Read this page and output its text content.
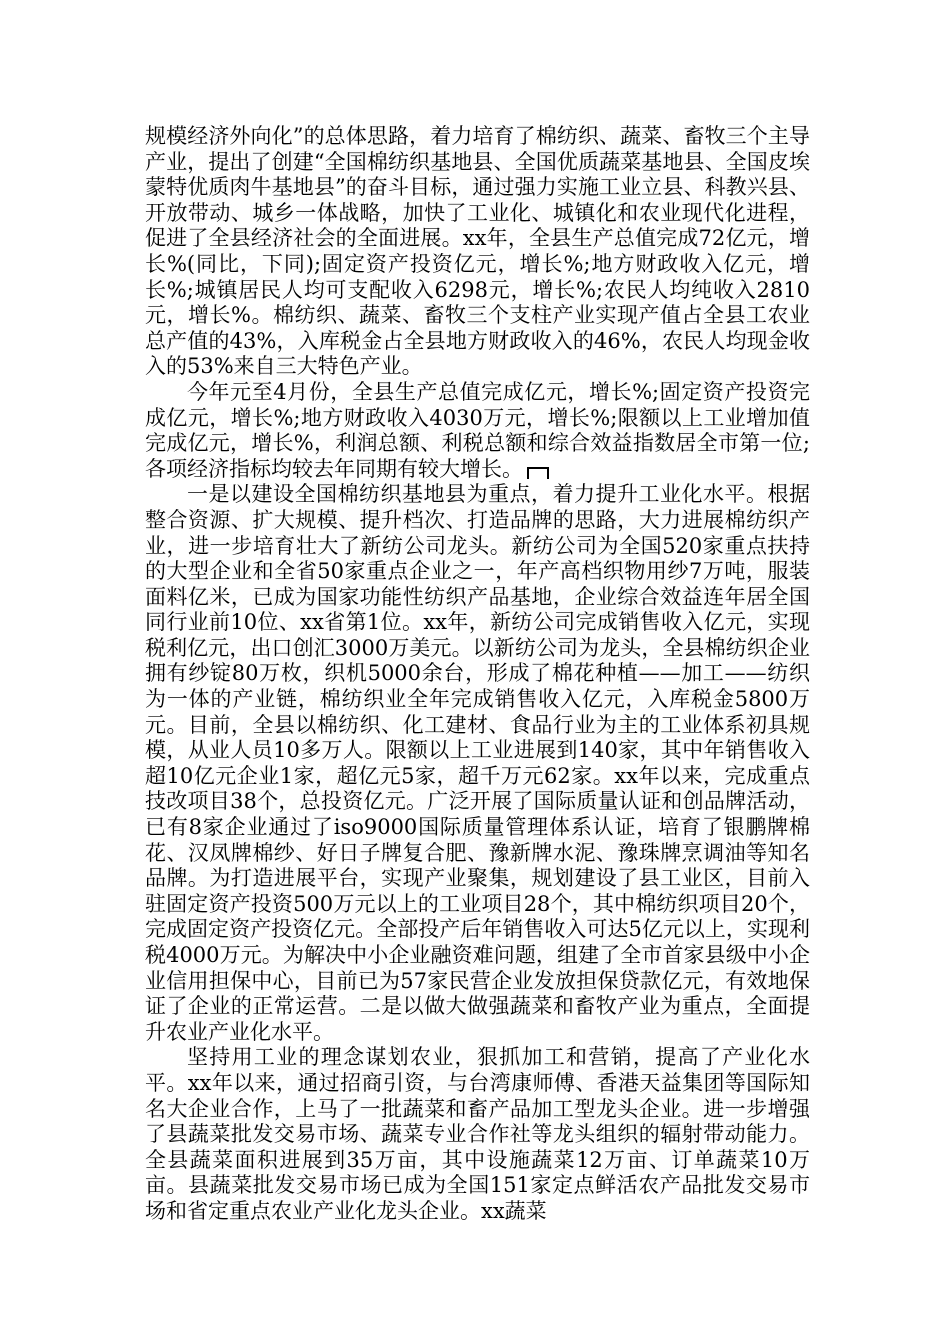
规模经济外向化”的总体思路，着力培育了棉纺织、蔬菜、畜牧三个主导产业，提出了创建“全国棉纺织基地县、全国优质蔬菜基地县、全国皮埃蒙特优质肉牛基地县”的奋斗目标，通过强力实施工业立县、科教兴县、开放带动、城乡一体战略，加快了工业化、城镇化和农业现代化进程，促进了全县经济社会的全面进展。xx年，全县生产总值完成72亿元，增长%(同比，下同);固定资产投资亿元，增长%;地方财政收入亿元，增长%;城镇居民人均可支配收入6298元，增长%;农民人均纯收入2810元，增长%。棉纺织、蔬菜、畜牧三个支柱产业实现产值占全县工农业总产值的43%，入库税金占全县地方财政收入的46%，农民人均现金收入的53%来自三大特色产业。

今年元至4月份，全县生产总值完成亿元，增长%;固定资产投资完成亿元，增长%;地方财政收入4030万元，增长%;限额以上工业增加值完成亿元，增长%，利润总额、利税总额和综合效益指数居全市第一位;各项经济指标均较去年同期有较大增长。

一是以建设全国棉纺织基地县为重点，着力提升工业化水平。根据整合资源、扩大规模、提升档次、打造品牌的思路，大力进展棉纺织产业，进一步培育壮大了新纺公司龙头。新纺公司为全国520家重点扶持的大型企业和全省50家重点企业之一，年产高档织物用纱7万吨，服装面料亿米，已成为国家功能性纺织产品基地，企业综合效益连年居全国同行业前10位、xx省第1位。xx年，新纺公司完成销售收入亿元，实现税利亿元，出口创汇3000万美元。以新纺公司为龙头，全县棉纺织企业拥有纱锭80万枚，织机5000余台，形成了棉花种植——加工——纺织为一体的产业链，棉纺织业全年完成销售收入亿元，入库税金5800万元。目前，全县以棉纺织、化工建材、食品行业为主的工业体系初具规模，从业人员10多万人。限额以上工业进展到140家，其中年销售收入超10亿元企业1家，超亿元5家，超千万元62家。xx年以来，完成重点技改项目38个，总投资亿元。广泛开展了国际质量认证和创品牌活动，已有8家企业通过了iso9000国际质量管理体系认证，培育了银鹏牌棉花、汉凤牌棉纱、好日子牌复合肥、豫新牌水泥、豫珠牌烹调油等知名品牌。为打造进展平台，实现产业聚集，规划建设了县工业区，目前入驻固定资产投资500万元以上的工业项目28个，其中棉纺织项目20个，完成固定资产投资亿元。全部投产后年销售收入可达5亿元以上，实现利税4000万元。为解决中小企业融资难问题，组建了全市首家县级中小企业信用担保中心，目前已为57家民营企业发放担保贷款亿元，有效地保证了企业的正常运营。二是以做大做强蔬菜和畜牧产业为重点，全面提升农业产业化水平。

坚持用工业的理念谋划农业，狠抓加工和营销，提高了产业化水平。xx年以来，通过招商引资，与台湾康师傅、香港天益集团等国际知名大企业合作，上马了一批蔬菜和畜产品加工型龙头企业。进一步增强了县蔬菜批发交易市场、蔬菜专业合作社等龙头组织的辐射带动能力。全县蔬菜面积进展到35万亩，其中设施蔬菜12万亩、订单蔬菜10万亩。县蔬菜批发交易市场已成为全国151家定点鲜活农产品批发交易市场和省定重点农业产业化龙头企业。xx蔬菜
